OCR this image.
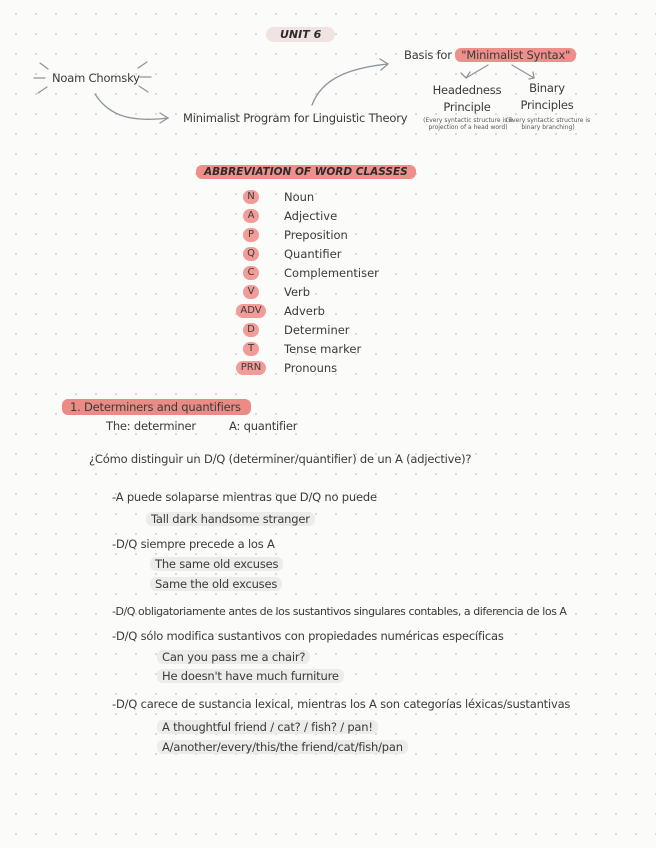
UNIT 6
Noam Chomsky
Minimalist Program for Linguistic Theory
Basis for "Minimalist Syntax"
Headedness
Principle
(Every syntactic structure is a projection of a head word)
Binary
Principles
(Every syntactic structure is binary branching)
ABBREVIATION OF WORD CLASSES
N	Noun
A	Adjective
P	Preposition
Q	Quantifier
C	Complementiser
V	Verb
ADV	Adverb
D	Determiner
T	Tense marker
PRN	Pronouns
1. Determiners and quantifiers
The: determiner	A: quantifier
¿Cómo distinguir un D/Q (determiner/quantifier) de un A (adjective)?
-A puede solaparse mientras que D/Q no puede
Tall dark handsome stranger
-D/Q siempre precede a los A
The same old excuses
Same the old excuses
-D/Q obligatoriamente antes de los sustantivos singulares contables, a diferencia de los A
-D/Q sólo modifica sustantivos con propiedades numéricas específicas
Can you pass me a chair?
He doesn't have much furniture
-D/Q carece de sustancia lexical, mientras los A son categorías léxicas/sustantivas
A thoughtful friend / cat? / fish? / pan!
A/another/every/this/the friend/cat/fish/pan
